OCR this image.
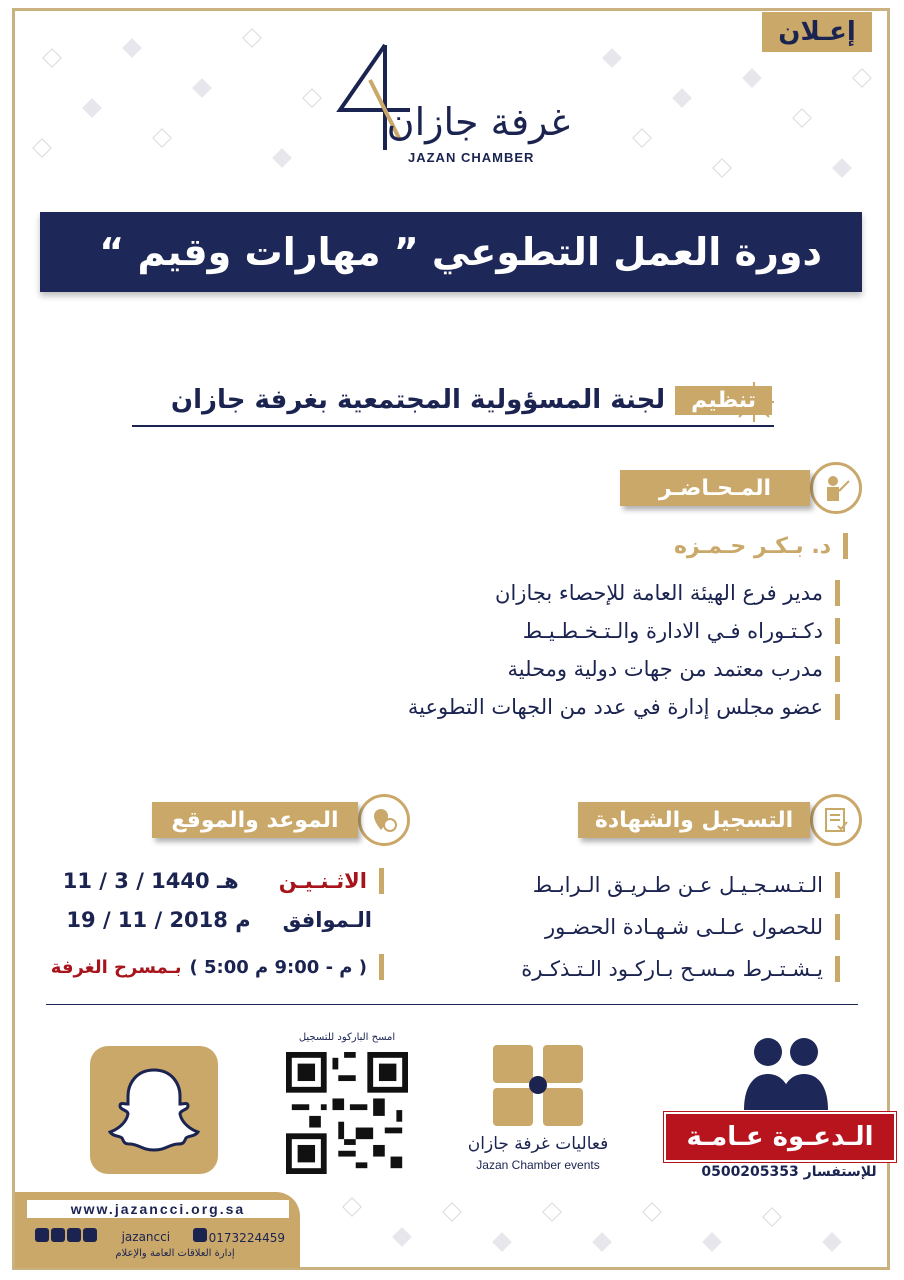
إعـلان
غرفة جازان
JAZAN CHAMBER
دورة العمل التطوعي ” مهارات وقيم “
تنظيم
لجنة المسؤولية المجتمعية بغرفة جازان
المـحـاضـر
د. بـكـر حـمـزه
مدير فرع الهيئة العامة للإحصاء بجازان
دكـتـوراه فـي الادارة والـتـخـطـيـط
مدرب معتمد من جهات دولية ومحلية
عضو مجلس إدارة في عدد من الجهات التطوعية
الموعد والموقع
الاثـنـيـن
11 / 3 / 1440 هـ
الـموافق
19 / 11 / 2018 م
( 5:00 م - 9:00 م )
بـمسرح الغرفة
التسجيل والشهادة
الـتـسـجـيـل عـن طـريـق الـرابـط
للحصول عـلـى شـهـادة الحضـور
يـشـتـرط مـسـح بـاركـود الـتـذكـرة
امسح الباركود للتسجيل
فعاليات غرفة جازان
Jazan Chamber events
الـدعـوة عـامـة
للإستفسار 0500205353
www.jazancci.org.sa
jazancci	0173224459
إدارة العلاقات العامة والإعلام
